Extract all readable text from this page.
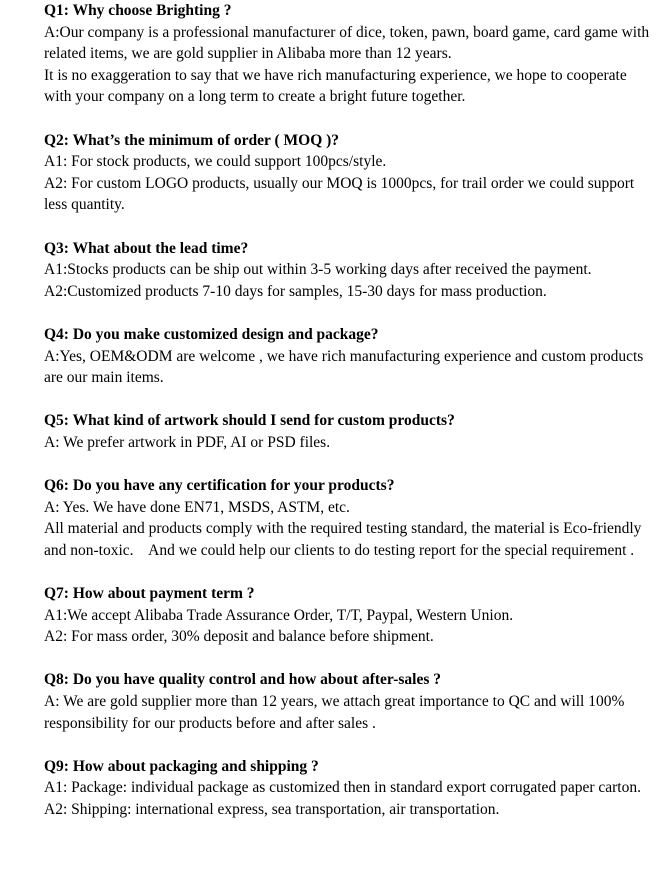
Q1: Why choose Brighting ?

A:Our company is a professional manufacturer of dice, token, pawn, board game, card game with related items, we are gold supplier in Alibaba more than 12 years.

It is no exaggeration to say that we have rich manufacturing experience, we hope to cooperate with your company on a long term to create a bright future together.

Q2: What’s the minimum of order ( MOQ )?

A1: For stock products, we could support 100pcs/style.

A2: For custom LOGO products, usually our MOQ is 1000pcs, for trail order we could support less quantity.

Q3: What about the lead time?

A1:Stocks products can be ship out within 3-5 working days after received the payment.

A2:Customized products 7-10 days for samples, 15-30 days for mass production.

Q4: Do you make customized design and package?

A:Yes, OEM&ODM are welcome , we have rich manufacturing experience and custom products are our main items.

Q5: What kind of artwork should I send for custom products?

A: We prefer artwork in PDF, AI or PSD files.

Q6: Do you have any certification for your products?

A: Yes. We have done EN71, MSDS, ASTM, etc.

All material and products comply with the required testing standard, the material is Eco-friendly and non-toxic.    And we could help our clients to do testing report for the special requirement .

Q7: How about payment term ?

A1:We accept Alibaba Trade Assurance Order, T/T, Paypal, Western Union.

A2: For mass order, 30% deposit and balance before shipment.

Q8: Do you have quality control and how about after-sales ?

A: We are gold supplier more than 12 years, we attach great importance to QC and will 100% responsibility for our products before and after sales .

Q9: How about packaging and shipping ?

A1: Package: individual package as customized then in standard export corrugated paper carton.

A2: Shipping: international express, sea transportation, air transportation.
